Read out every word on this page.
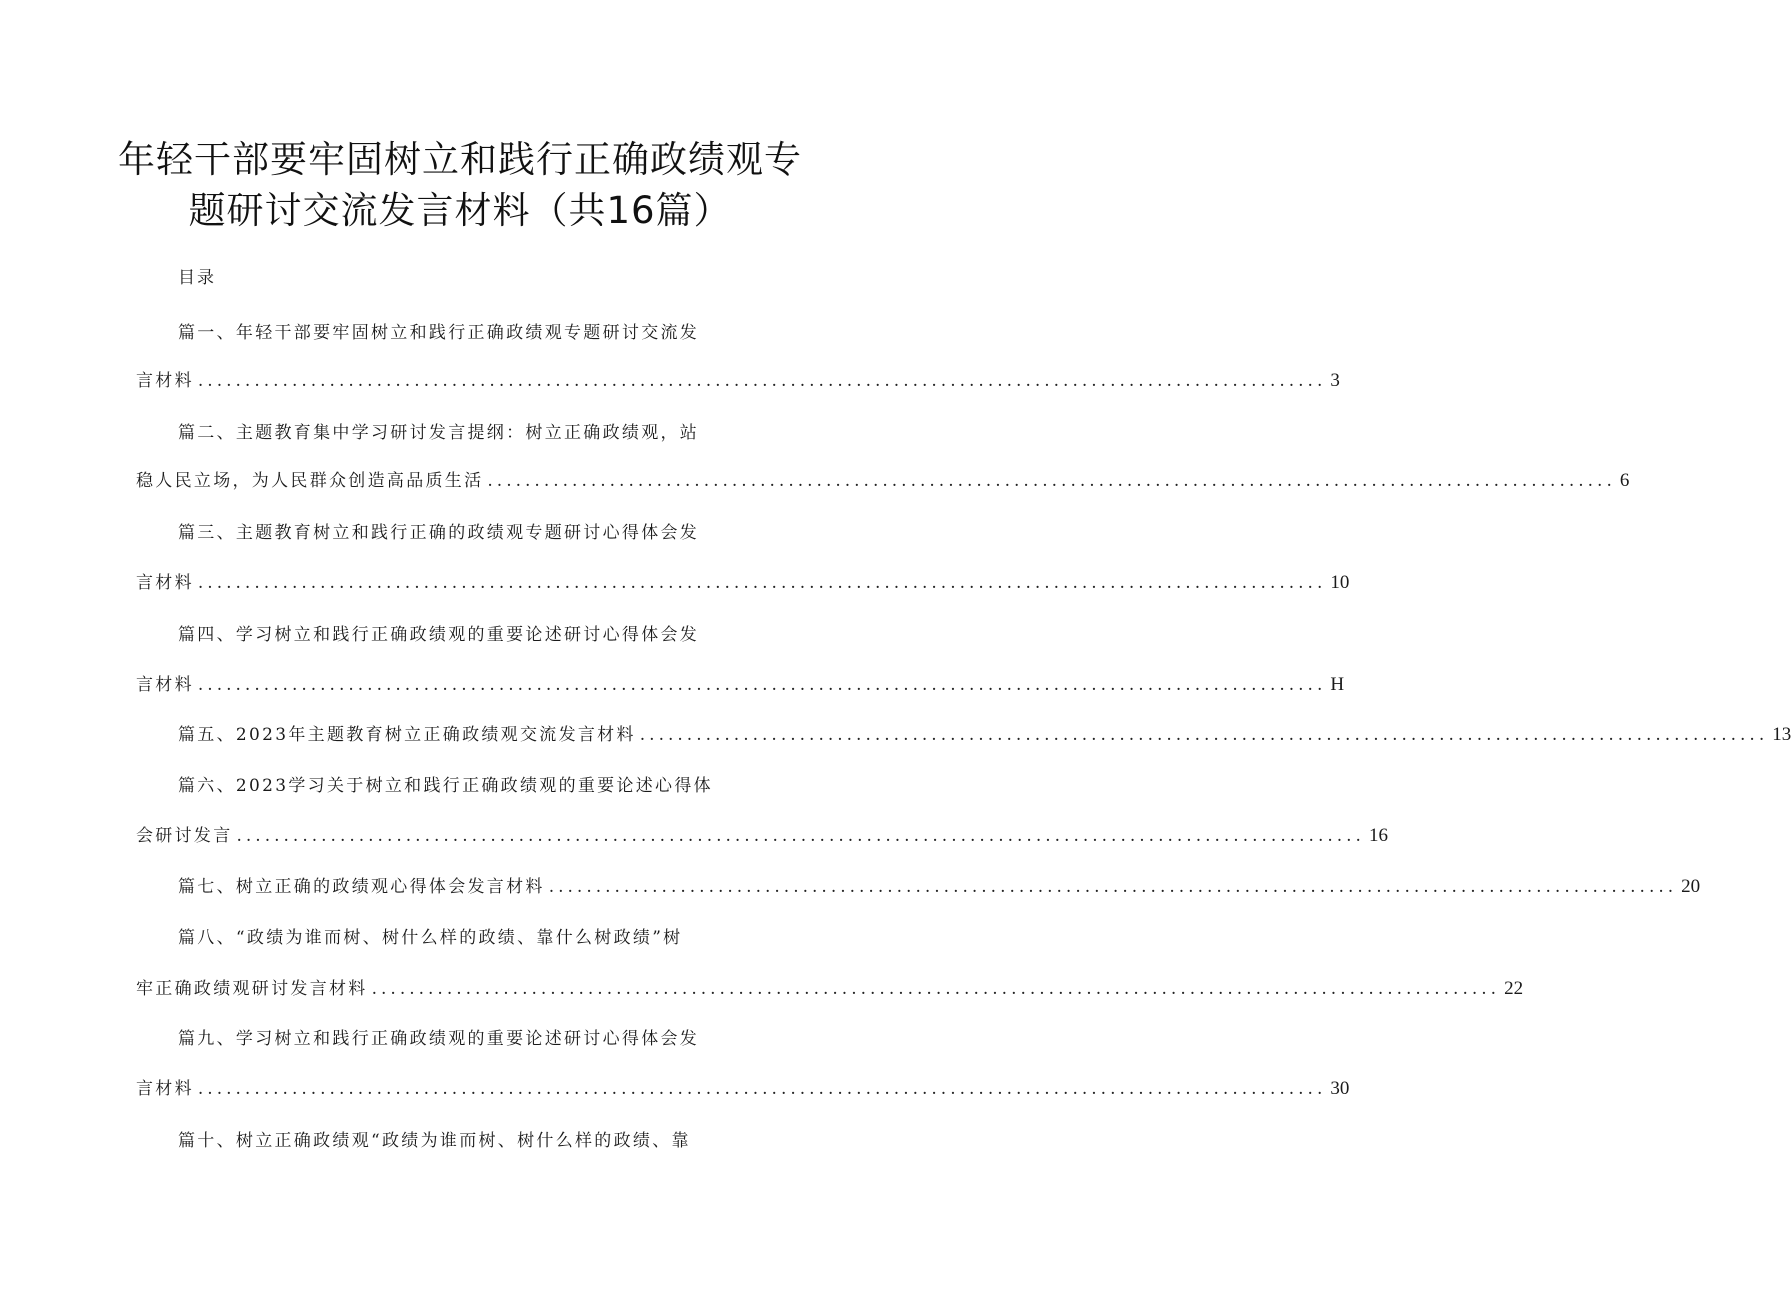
年轻干部要牢固树立和践行正确政绩观专
题研讨交流发言材料（共16篇）
目录
篇一、年轻干部要牢固树立和践行正确政绩观专题研讨交流发
言材料 ........................................................................................................................ 3
篇二、主题教育集中学习研讨发言提纲：树立正确政绩观，站
稳人民立场，为人民群众创造高品质生活 ........................................................................................................................ 6
篇三、主题教育树立和践行正确的政绩观专题研讨心得体会发
言材料 ........................................................................................................................ 10
篇四、学习树立和践行正确政绩观的重要论述研讨心得体会发
言材料 ........................................................................................................................ H
篇五、2023年主题教育树立正确政绩观交流发言材料 ........................................................................................................................ 13
篇六、2023学习关于树立和践行正确政绩观的重要论述心得体
会研讨发言 ........................................................................................................................ 16
篇七、树立正确的政绩观心得体会发言材料 ........................................................................................................................ 20
篇八、“政绩为谁而树、树什么样的政绩、靠什么树政绩”树
牢正确政绩观研讨发言材料 ........................................................................................................................ 22
篇九、学习树立和践行正确政绩观的重要论述研讨心得体会发
言材料 ........................................................................................................................ 30
篇十、树立正确政绩观“政绩为谁而树、树什么样的政绩、靠
